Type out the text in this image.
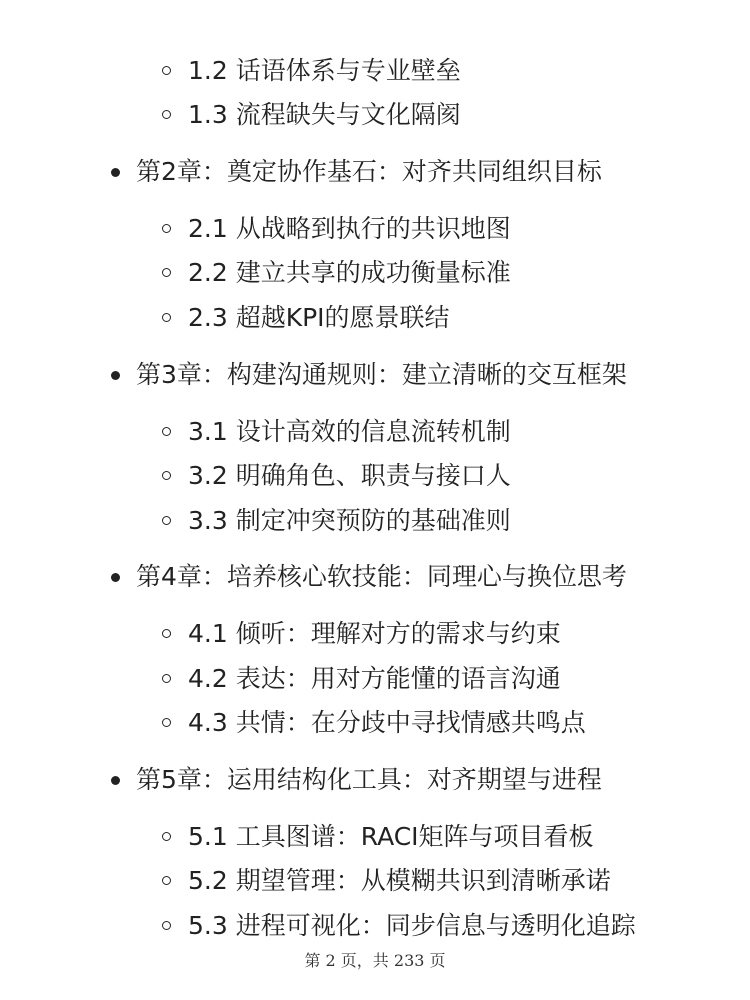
1.2 话语体系与专业壁垒
1.3 流程缺失与文化隔阂
第2章：奠定协作基石：对齐共同组织目标
2.1 从战略到执行的共识地图
2.2 建立共享的成功衡量标准
2.3 超越KPI的愿景联结
第3章：构建沟通规则：建立清晰的交互框架
3.1 设计高效的信息流转机制
3.2 明确角色、职责与接口人
3.3 制定冲突预防的基础准则
第4章：培养核心软技能：同理心与换位思考
4.1 倾听：理解对方的需求与约束
4.2 表达：用对方能懂的语言沟通
4.3 共情：在分歧中寻找情感共鸣点
第5章：运用结构化工具：对齐期望与进程
5.1 工具图谱：RACI矩阵与项目看板
5.2 期望管理：从模糊共识到清晰承诺
5.3 进程可视化：同步信息与透明化追踪
第 2 页，共 233 页
